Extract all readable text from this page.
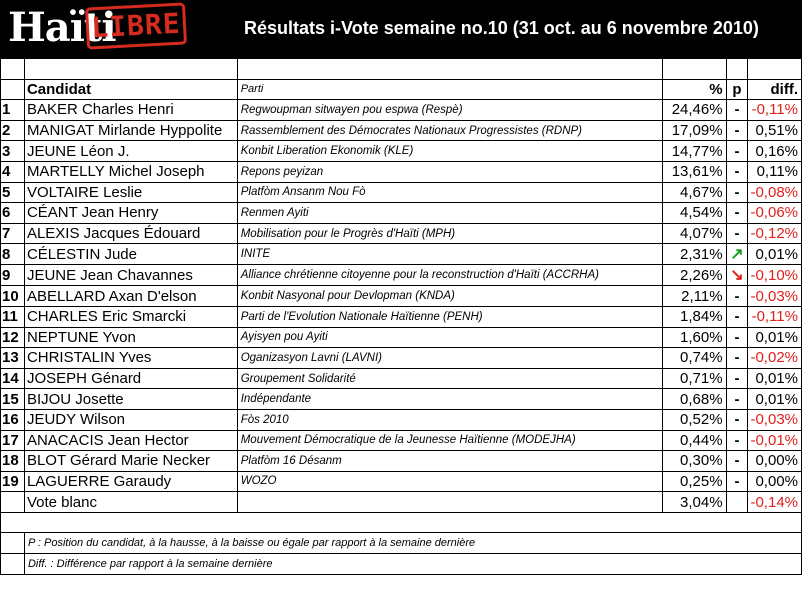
Haïti
LIBRE	Résultats i-Vote semaine no.10 (31 oct. au 6 novembre 2010)

	Candidat	Parti	%	p	diff.
1	BAKER Charles Henri	Regwoupman sitwayen pou espwa (Respè)	24,46%	-	-0,11%
2	MANIGAT Mirlande Hyppolite	Rassemblement des Démocrates Nationaux Progressistes (RDNP)	17,09%	-	0,51%
3	JEUNE Léon J.	Konbit Liberation Ekonomik (KLE)	14,77%	-	0,16%
4	MARTELLY Michel Joseph	Repons peyizan	13,61%	-	0,11%
5	VOLTAIRE Leslie	Platfòm Ansanm Nou Fò	4,67%	-	-0,08%
6	CÉANT Jean Henry	Renmen Ayiti	4,54%	-	-0,06%
7	ALEXIS Jacques Édouard	Mobilisation pour le Progrès d'Haïti (MPH)	4,07%	-	-0,12%
8	CÉLESTIN Jude	INITE	2,31%	↗	0,01%
9	JEUNE Jean Chavannes	Alliance chrétienne citoyenne pour la reconstruction d'Haïti (ACCRHA)	2,26%	↘	-0,10%
10	ABELLARD Axan D'elson	Konbit Nasyonal pour Devlopman (KNDA)	2,11%	-	-0,03%
11	CHARLES Eric Smarcki	Parti de l'Evolution Nationale Haïtienne (PENH)	1,84%	-	-0,11%
12	NEPTUNE Yvon	Ayisyen pou Ayiti	1,60%	-	0,01%
13	CHRISTALIN Yves	Oganizasyon Lavni (LAVNI)	0,74%	-	-0,02%
14	JOSEPH Génard	Groupement Solidarité	0,71%	-	0,01%
15	BIJOU Josette	Indépendante	0,68%	-	0,01%
16	JEUDY Wilson	Fòs 2010	0,52%	-	-0,03%
17	ANACACIS Jean Hector	Mouvement Démocratique de la Jeunesse Haïtienne (MODEJHA)	0,44%	-	-0,01%
18	BLOT Gérard Marie Necker	Platfòm 16 Désanm	0,30%	-	0,00%
19	LAGUERRE Garaudy	WOZO	0,25%	-	0,00%
	Vote blanc		3,04%		-0,14%

	P : Position du candidat, à la hausse, à la baisse ou égale par rapport à la semaine dernière				
	Diff. : Différence par rapport à la semaine dernière				
